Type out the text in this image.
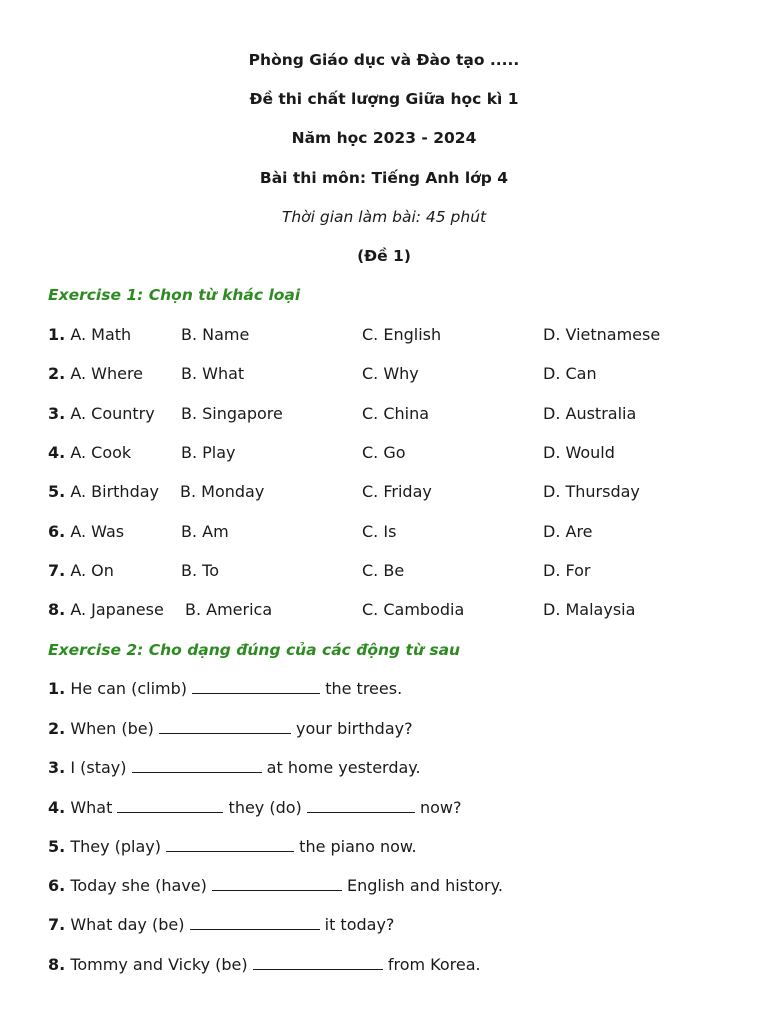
Phòng Giáo dục và Đào tạo .....
Đề thi chất lượng Giữa học kì 1
Năm học 2023 - 2024
Bài thi môn: Tiếng Anh lớp 4
Thời gian làm bài: 45 phút
(Đề 1)
Exercise 1: Chọn từ khác loại
1. A. Math	B. Name	C. English	D. Vietnamese
2. A. Where B. What	C. Why	D. Can
3. A. Country B. Singapore	C. China	D. Australia
4. A. Cook	B. Play	C. Go	D. Would
5. A. Birthday B. Monday	C. Friday	D. Thursday
6. A. Was	B. Am	C. Is	D. Are
7. A. On	B. To	C. Be	D. For
8. A. Japanese B. America	C. Cambodia	D. Malaysia
Exercise 2: Cho dạng đúng của các động từ sau
1. He can (climb)	the trees.
2. When (be)	your birthday?
3. I (stay)	at home yesterday.
4. What	they (do)	now?
5. They (play)	the piano now.
6. Today she (have)	English and history.
7. What day (be)	it today?
8. Tommy and Vicky (be)	from Korea.
